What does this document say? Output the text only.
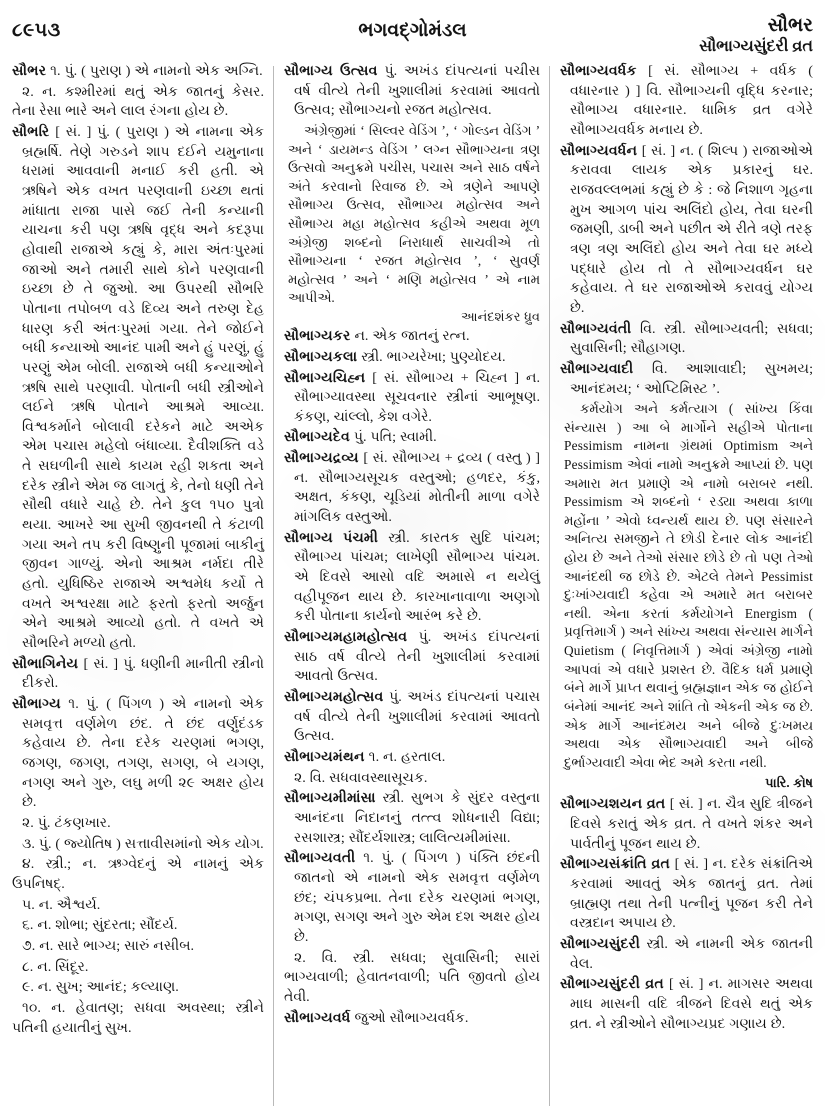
૮૯૫૩	ભગવદ્ગોમંડલ	સૌભર
સૌભાગ્યસુંદરી વ્રત

સૌભર ૧. પું. ( પુરાણ ) એ નામનો એક અગ્નિ.

૨. ન. કશ્મીરમાં થતું એક જાતનું કેસર. તેના રેસા ભારે અને લાલ રંગના હોય છે.

સૌભરિ [ સં. ] પું. ( પુરાણ ) એ નામના એક બ્રહ્મર્ષિ. તેણે ગરુડને શાપ દઈને યમુનાના ધરામાં આવવાની મનાઈ કરી હતી. એ ઋષિને એક વખત પરણવાની ઇચ્છા થતાં માંધાતા રાજા પાસે જઈ તેની કન્યાની યાચના કરી પણ ઋષિ વૃદ્ધ અને કદરૂપા હોવાથી રાજાએ કહ્યું કે, મારા અંતઃપુરમાં જાઓ અને તમારી સાથે કોને પરણવાની ઇચ્છા છે તે જુઓ. આ ઉપરથી સૌભરિ પોતાના તપોબળ વડે દિવ્ય અને તરુણ દેહ ધારણ કરી અંતઃપુરમાં ગયા. તેને જોઈને બધી કન્યાઓ આનંદ પામી અને હું પરણું, હું પરણું એમ બોલી. રાજાએ બધી કન્યાઓને ઋષિ સાથે પરણાવી. પોતાની બધી સ્ત્રીઓને લઈને ઋષિ પોતાને આશ્રમે આવ્યા. વિશ્વકર્માને બોલાવી દરેકને માટે અએક એમ પચાસ મહેલો બંધાવ્યા. દૈવીશક્તિ વડે તે સઘળીની સાથે કાયમ રહી શકતા અને દરેક સ્ત્રીને એમ જ લાગતું કે, તેનો ધણી તેને સૌથી વધારે ચાહે છે. તેને કુલ ૧૫૦ પુત્રો થયા. આખરે આ સુખી જીવનથી તે કંટાળી ગયા અને તપ કરી વિષ્ણુની પૂજામાં બાકીનું જીવન ગાળ્યું. એનો આશ્રમ નર્મદા તીરે હતો. યુધિષ્ઠિર રાજાએ અશ્વમેધ કર્યો તે વખતે અશ્વરક્ષા માટે ફરતો ફરતો અર્જુન એને આશ્રમે આવ્યો હતો. તે વખતે એ સૌભરિને મળ્યો હતો.

સૌભાગિનેય [ સં. ] પું. ધણીની માનીતી સ્ત્રીનો દીકરો.

સૌભાગ્ય ૧. પું. ( પિંગળ ) એ નામનો એક સમવૃત્ત વર્ણમેળ છંદ. તે છંદ વર્ણુદંડક કહેવાય છે. તેના દરેક ચરણમાં ભગણ, જગણ, જગણ, તગણ, સગણ, બે યગણ, નગણ અને ગુરુ, લઘુ મળી ૨૯ અક્ષર હોય છે.

૨. પું. ટંકણખાર.

૩. પું. ( જ્યોતિષ ) સત્તાવીસમાંનો એક યોગ.

૪. સ્ત્રી.; ન. ઋગ્વેદનું એ નામનું એક ઉપનિષદ્.

૫. ન. ઐશ્વર્ય.

૬. ન. શોભા; સુંદરતા; સૌંદર્ય.

૭. ન. સારે ભાગ્ય; સારું નસીબ.

૮. ન. સિંદૂર.

૯. ન. સુખ; આનંદ; કલ્યાણ.

૧૦. ન. હેવાતણ; સધવા અવસ્થા; સ્ત્રીને પતિની હયાતીનું સુખ.

સૌભાગ્ય ઉત્સવ પું. અખંડ દાંપત્યનાં પચીસ વર્ષ વીત્યે તેની ખુશાલીમાં કરવામાં આવતો ઉત્સવ; સૌભાગ્યનો રજત મહોત્સવ.

અંગ્રેજીમાં ‘ સિલ્વર વેડિંગ ’, ‘ ગોલ્ડન વેડિંગ ’ અને ‘ ડાયમન્ડ વેડિંગ ’ લગ્ન સૌભાગ્યના ત્રણ ઉત્સવો અનુક્રમે પચીસ, પચાસ અને સાઠ વર્ષને અંતે કરવાનો રિવાજ છે. એ ત્રણેને આપણે સૌભાગ્ય ઉત્સવ, સૌભાગ્ય મહોત્સવ અને સૌભાગ્ય મહા મહોત્સવ કહીએ અથવા મૂળ અંગ્રેજી શબ્દનો નિરાધાર્થ સાચવીએ તો સૌભાગ્યના ‘ રજત મહોત્સવ ’, ‘ સુવર્ણ મહોત્સવ ’ અને ‘ મણિ મહોત્સવ ’ એ નામ આપીએ.

આનંદશંકર ધ્રુવ

સૌભાગ્યકર ન. એક જાતનું રત્ન.

સૌભાગ્યકલા સ્ત્રી. ભાગ્યરેખા; પુણ્યોદય.

સૌભાગ્યચિહ્ન [ સં. સૌભાગ્ય + ચિહ્ન ] ન. સૌભાગ્યાવસ્થા સૂચવનાર સ્ત્રીનાં આભૂષણ. કંકણ, ચાંલ્લો, કેશ વગેરે.

સૌભાગ્યદેવ પું. પતિ; સ્વામી.

સૌભાગ્યદ્રવ્ય [ સં. સૌભાગ્ય + દ્રવ્ય ( વસ્તુ ) ] ન. સૌભાગ્યસૂચક વસ્તુઓ; હળદર, કંકુ, અક્ષત, કંકણ, ચૂડિયાં મોતીની માળા વગેરે માંગલિક વસ્તુઓ.

સૌભાગ્ય પંચમી સ્ત્રી. કારતક સુદિ પાંચમ; સૌભાગ્ય પાંચમ; લાખેણી સૌભાગ્ય પાંચમ. એ દિવસે આસો વદિ અમાસે ન થયેલું વહીપૂજન થાય છે. કારખાનાવાળા અણગો કરી પોતાના કાર્યનો આરંભ કરે છે.

સૌભાગ્યમહામહોત્સવ પું. અખંડ દાંપત્યનાં સાઠ વર્ષ વીત્યે તેની ખુશાલીમાં કરવામાં આવતો ઉત્સવ.

સૌભાગ્યમહોત્સવ પું. અખંડ દાંપત્યનાં પચાસ વર્ષ વીત્યે તેની ખુશાલીમાં કરવામાં આવતો ઉત્સવ.

સૌભાગ્યમંથન ૧. ન. હરતાલ.

૨. વિ. સધવાવસ્થાસૂચક.

સૌભાગ્યમીમાંસા સ્ત્રી. સુભગ કે સુંદર વસ્તુના આનંદના નિદાનનું તત્ત્વ શોધનારી વિદ્યા; રસશાસ્ત્ર; સૌંદર્યશાસ્ત્ર; લાલિત્યમીમાંસા.

સૌભાગ્યવતી ૧. પું. ( પિંગળ ) પંક્તિ છંદની જાતનો એ નામનો એક સમવૃત્ત વર્ણમેળ છંદ; ચંપકપ્રભા. તેના દરેક ચરણમાં ભગણ, મગણ, સગણ અને ગુરુ એમ દશ અક્ષર હોય છે.

૨. વિ. સ્ત્રી. સધવા; સુવાસિની; સારાં ભાગ્યવાળી; હેવાતનવાળી; પતિ જીવતો હોય તેવી.

સૌભાગ્યવર્ધ જુઓ સૌભાગ્યવર્ધક.

સૌભાગ્યવર્ધક [ સં. સૌભાગ્ય + વર્ધક ( વધારનાર ) ] વિ. સૌભાગ્યની વૃદ્ધિ કરનાર; સૌભાગ્ય વધારનાર. ધામિક વ્રત વગેરે સૌભાગ્યવર્ધક મનાય છે.

સૌભાગ્યવર્ધન [ સં. ] ન. ( શિલ્પ ) રાજાઓએ કરાવવા લાયક એક પ્રકારનું ઘર. રાજવલ્લભમાં કહ્યું છે કે : જે નિશાળ ગૃહના મુખ આગળ પાંચ અલિંદો હોય, તેવા ઘરની જમણી, ડાબી અને પછીત એ રીતે ત્રણે તરફ ત્રણ ત્રણ અલિંદો હોય અને તેવા ઘર મધ્યે પદ્ધારે હોય તો તે સૌભાગ્યવર્ધન ઘર કહેવાય. તે ઘર રાજાઓએ કરાવવું યોગ્ય છે.

સૌભાગ્યવંતી વિ. સ્ત્રી. સૌભાગ્યવતી; સધવા; સુવાસિની; સૌહાગણ.

સૌભાગ્યવાદી વિ. આશાવાદી; સુખમય; આનંદમય; ‘ ઓપ્ટિમિસ્ટ ’.

કર્મયોગ અને કર્મત્યાગ ( સાંખ્ય કિંવા સંન્યાસ ) આ બે માર્ગોને સહીએ પોતાના Pessimism નામના ગ્રંથમાં Optimism અને Pessimism એવાં નામો અનુક્રમે આપ્યાં છે. પણ અમારા મત પ્રમાણે એ નામો બરાબર નથી. Pessimism એ શબ્દનો ‘ રડ્યા અથવા કાળા મહોંના ’ એવો ધ્વન્યર્થ થાય છે. પણ સંસારને અનિત્ય સમજીને તે છોડી દેનાર લોક આનંદી હોય છે અને તેઓ સંસાર છોડે છે તો પણ તેઓ આનંદથી જ છોડે છે. એટલે તેમને Pessimist દુઃખાંગ્યવાદી કહેવા એ અમારે મત બરાબર નથી. એના કરતાં કર્મયોગને Energism ( પ્રવૃત્તિમાર્ગ ) અને સાંખ્ય અથવા સંન્યાસ માર્ગને Quietism ( નિવૃત્તિમાર્ગ ) એવાં અંગ્રેજી નામો આપવાં એ વધારે પ્રશસ્ત છે. વૈદિક ધર્મ પ્રમાણે બંને માર્ગે પ્રાપ્ત થવાનું બ્રહ્મજ્ઞાન એક જ હોઈને બંનેમાં આનંદ અને શાંતિ તો એકની એક જ છે. એક માર્ગે આનંદમય અને બીજે દુઃખમય અથવા એક સૌભાગ્યવાદી અને બીજે દુર્ભાગ્યવાદી એવા ભેદ અમે કરતા નથી.

પારિ. કોષ

સૌભાગ્યશયન વ્રત [ સં. ] ન. ચૈત્ર સુદિ ત્રીજને દિવસે કરાતું એક વ્રત. તે વખતે શંકર અને પાર્વતીનું પૂજન થાય છે.

સૌભાગ્યસંક્રાંતિ વ્રત [ સં. ] ન. દરેક સંક્રાંતિએ કરવામાં આવતું એક જાતનું વ્રત. તેમાં બ્રાહ્મણ તથા તેની પત્નીનું પૂજન કરી તેને વસ્ત્રદાન અપાય છે.

સૌભાગ્યસુંદરી સ્ત્રી. એ નામની એક જાતની વેલ.

સૌભાગ્યસુંદરી વ્રત [ સં. ] ન. માગસર અથવા માઘ માસની વદિ ત્રીજને દિવસે થતું એક વ્રત. ને સ્ત્રીઓને સૌભાગ્યપ્રદ ગણાય છે.
